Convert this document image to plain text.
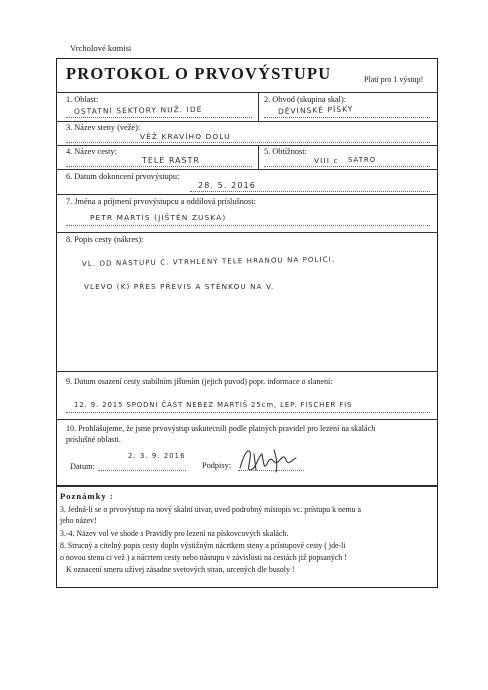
Vrcholové komisi
PROTOKOL O PRVOVÝSTUPU	Platí pro 1 výstup!
1. Oblast:
OSTATNÍ SEKTORY NUŽ. IDE
2. Obvod (skupina skal):
DĚVÍNSKÉ PÍSKY
3. Název steny (veže):
VĚŽ KRAVÍHO DOLU
4. Název cesty:
TELE RASTR
5. Obtížnost:
VIII c SATRO
6. Datum dokoncení prvovýstupu:
28. 5. 2016
7. Jména a príjmení prvovýstupcu a oddílová príslušnost:
PETR MARTIS (JIŠTĚN ZUSKA)
8. Popis cesty (nákres):
VL. OD NÁSTUPU C. VTRHLENÝ TELE HRANOU NA POLICI,
VLEVO (K) PŘES PŘEVIS A STĚNKOU NA V.
9. Datum osazení cesty stabilním jištením (jejich puvod) popr. informace o slanení:
12. 9. 2015 SPODNÍ ČÁST NEBEZ MARTIŠ 25cm, LEP. FISCHER FIS
10. Prohlašujeme, že jsme prvovýstup uskutecnili podle platných pravidel pro lezení na skalách
príslušné oblasti.
Datum:
2. 3. 9. 2016
Podpisy:
Poznámky :
3. Jedná-li se o prvovýstup na nový skalní útvar, uved podrobný místopis vc. prístupu k nemu a
jeho název!
3.-4. Název vol ve shode s Pravidly pro lezení na pískovcových skalách.
8. Strucný a citelný popis cesty dopln výstižným nácrtkem steny a prístupové cesty ( jde-li
o novou stenu ci vež ) a nácrtem cesty nebo nástupu v závislosti na cestách již popsaných !
K oznacení smeru užívej zásadne svetových stran, urcených dle busoly !
